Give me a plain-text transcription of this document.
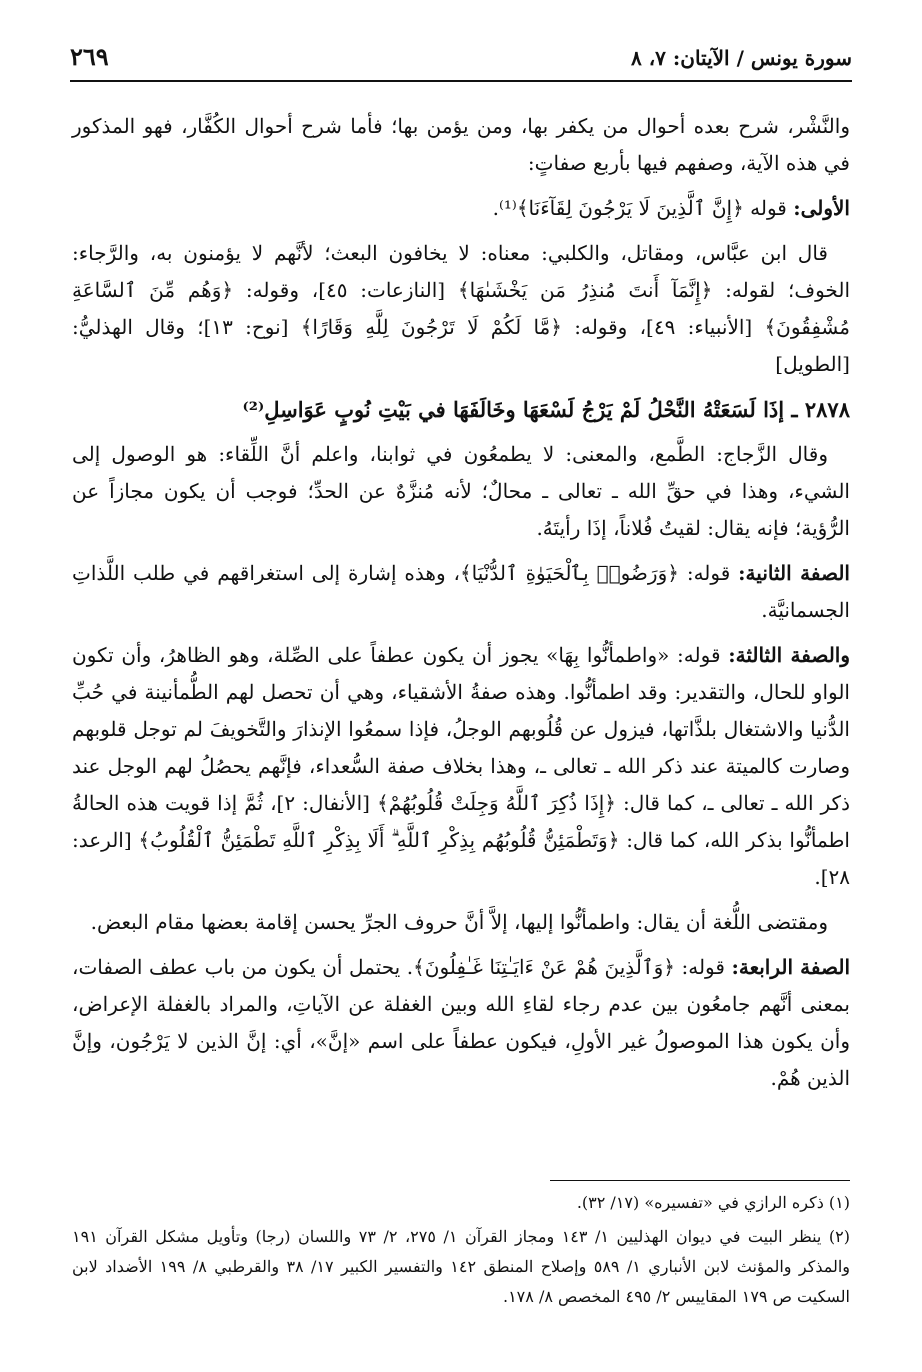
سورة يونس / الآيتان: ٧، ٨
٢٦٩

والنَّشْر، شرح بعده أحوال من يكفر بها، ومن يؤمن بها؛ فأما شرح أحوال الكُفَّار، فهو المذكور في هذه الآية، وصفهم فيها بأربع صفاتٍ:

الأولى: قوله ﴿إِنَّ ٱلَّذِينَ لَا يَرْجُونَ لِقَآءَنَا﴾⁽¹⁾.

قال ابن عبَّاس، ومقاتل، والكلبي: معناه: لا يخافون البعث؛ لأنَّهم لا يؤمنون به، والرَّجاء: الخوف؛ لقوله: ﴿إِنَّمَآ أَنتَ مُنذِرُ مَن يَخْشَىٰهَا﴾ [النازعات: ٤٥]، وقوله: ﴿وَهُم مِّنَ ٱلسَّاعَةِ مُشْفِقُونَ﴾ [الأنبياء: ٤٩]، وقوله: ﴿مَّا لَكُمْ لَا تَرْجُونَ لِلَّهِ وَقَارًا﴾ [نوح: ١٣]؛ وقال الهذليُّ: [الطويل]

٢٨٧٨ ـ إذَا لَسَعَتْهُ النَّحْلُ لَمْ يَرْجُ لَسْعَهَا وخَالَفَهَا في بَيْتِ نُوبٍ عَوَاسِلِ⁽²⁾

وقال الزَّجاج: الطَّمع، والمعنى: لا يطمعُون في ثوابنا، واعلم أنَّ اللِّقاء: هو الوصول إلى الشيء، وهذا في حقِّ الله ـ تعالى ـ محالٌ؛ لأنه مُنزَّهٌ عن الحدِّ؛ فوجب أن يكون مجازاً عن الرُّؤية؛ فإنه يقال: لقيتُ فُلاناً، إذَا رأيتَهُ.

الصفة الثانية: قوله: ﴿وَرَضُوا۟ بِٱلْحَيَوٰةِ ٱلدُّنْيَا﴾، وهذه إشارة إلى استغراقهم في طلب اللَّذاتِ الجسمانيَّة.

والصفة الثالثة: قوله: «واطمأنُّوا بِهَا» يجوز أن يكون عطفاً على الصِّلة، وهو الظاهرُ، وأن تكون الواو للحال، والتقدير: وقد اطمأنُّوا. وهذه صفةُ الأشقياء، وهي أن تحصل لهم الطُّمأنينة في حُبِّ الدُّنيا والاشتغال بلذَّاتها، فيزول عن قُلُوبهم الوجلُ، فإذا سمعُوا الإنذارَ والتَّخويفَ لم توجل قلوبهم وصارت كالميتة عند ذكر الله ـ تعالى ـ، وهذا بخلاف صفة السُّعداء، فإنَّهم يحصُلُ لهم الوجل عند ذكر الله ـ تعالى ـ، كما قال: ﴿إِذَا ذُكِرَ ٱللَّهُ وَجِلَتْ قُلُوبُهُمْ﴾ [الأنفال: ٢]، ثُمَّ إذا قويت هذه الحالةُ اطمأنُّوا بذكر الله، كما قال: ﴿وَتَطْمَئِنُّ قُلُوبُهُم بِذِكْرِ ٱللَّهِ ۗ أَلَا بِذِكْرِ ٱللَّهِ تَطْمَئِنُّ ٱلْقُلُوبُ﴾ [الرعد: ٢٨].

ومقتضى اللُّغة أن يقال: واطمأنُّوا إليها، إلاَّ أنَّ حروف الجرِّ يحسن إقامة بعضها مقام البعض.

الصفة الرابعة: قوله: ﴿وَٱلَّذِينَ هُمْ عَنْ ءَايَـٰتِنَا غَـٰفِلُونَ﴾. يحتمل أن يكون من باب عطف الصفات، بمعنى أنَّهم جامعُون بين عدم رجاء لقاءِ الله وبين الغفلة عن الآياتِ، والمراد بالغفلة الإعراض، وأن يكون هذا الموصولُ غير الأولِ، فيكون عطفاً على اسم «إنَّ»، أي: إنَّ الذين لا يَرْجُون، وإنَّ الذين هُمْ.

(١) ذكره الرازي في «تفسيره» (١٧/ ٣٢).

(٢) ينظر البيت في ديوان الهذليين ١/ ١٤٣ ومجاز القرآن ١/ ٢٧٥، ٢/ ٧٣ واللسان (رجا) وتأويل مشكل القرآن ١٩١ والمذكر والمؤنث لابن الأنباري ١/ ٥٨٩ وإصلاح المنطق ١٤٢ والتفسير الكبير ١٧/ ٣٨ والقرطبي ٨/ ١٩٩ الأضداد لابن السكيت ص ١٧٩ المقاييس ٢/ ٤٩٥ المخصص ٨/ ١٧٨.
